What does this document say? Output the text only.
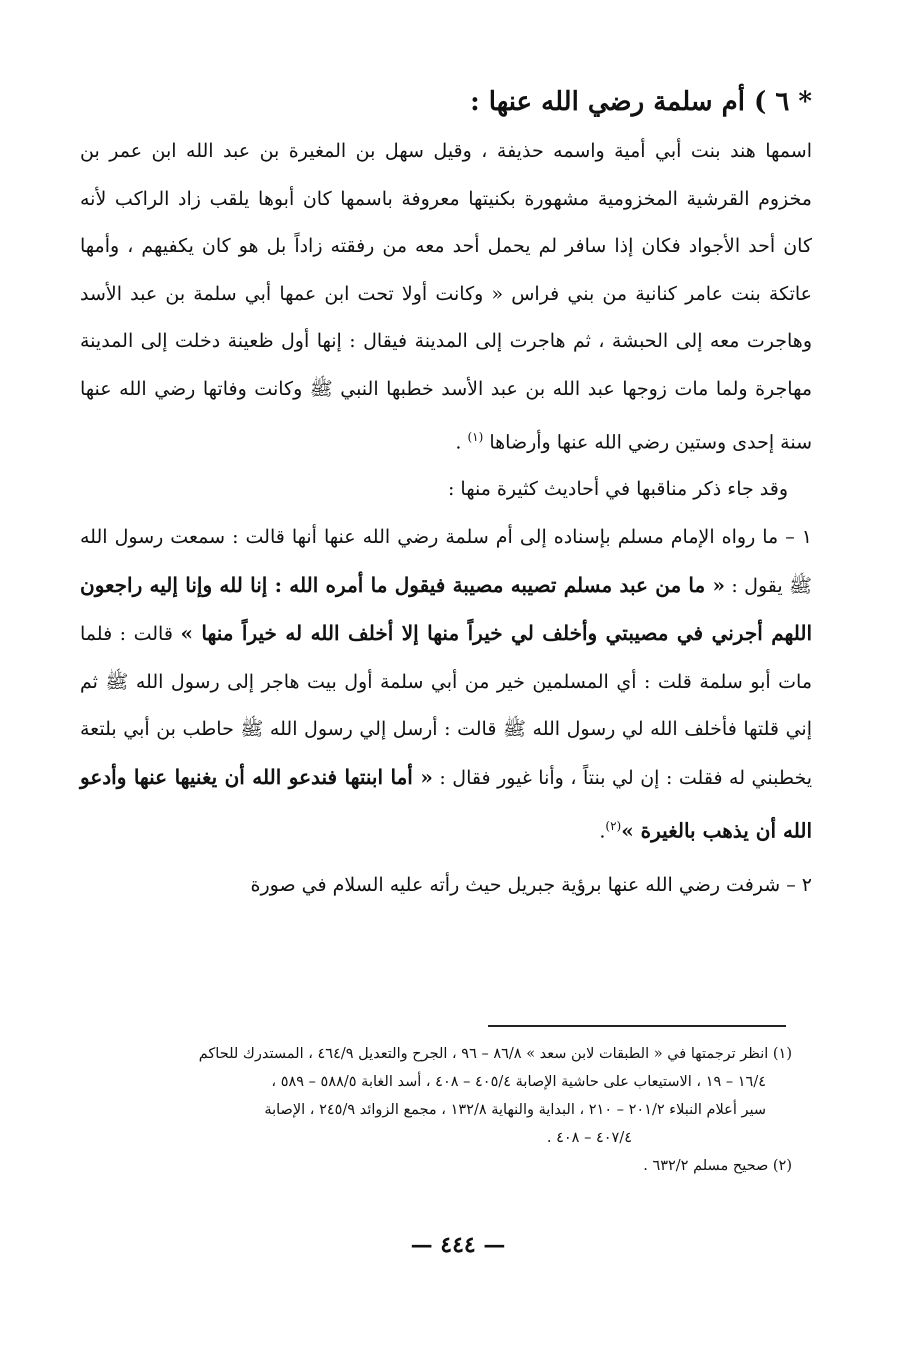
* ٦ ) أم سلمة رضي الله عنها :

اسمها هند بنت أبي أمية واسمه حذيفة ، وقيل سهل بن المغيرة بن عبد الله ابن عمر بن مخزوم القرشية المخزومية مشهورة بكنيتها معروفة باسمها كان أبوها يلقب زاد الراكب لأنه كان أحد الأجواد فكان إذا سافر لم يحمل أحد معه من رفقته زاداً بل هو كان يكفيهم ، وأمها عاتكة بنت عامر كنانية من بني فراس « وكانت أولا تحت ابن عمها أبي سلمة بن عبد الأسد وهاجرت معه إلى الحبشة ، ثم هاجرت إلى المدينة فيقال : إنها أول ظعينة دخلت إلى المدينة مهاجرة ولما مات زوجها عبد الله بن عبد الأسد خطبها النبي ﷺ وكانت وفاتها رضي الله عنها سنة إحدى وستين رضي الله عنها وأرضاها $^{(١)}$ .

وقد جاء ذكر مناقبها في أحاديث كثيرة منها :

١ – ما رواه الإمام مسلم بإسناده إلى أم سلمة رضي الله عنها أنها قالت : سمعت رسول الله ﷺ يقول : « ما من عبد مسلم تصيبه مصيبة فيقول ما أمره الله : إنا لله وإنا إليه راجعون اللهم أجرني في مصيبتي وأخلف لي خيراً منها إلا أخلف الله له خيراً منها » قالت : فلما مات أبو سلمة قلت : أي المسلمين خير من أبي سلمة أول بيت هاجر إلى رسول الله ﷺ ثم إني قلتها فأخلف الله لي رسول الله ﷺ قالت : أرسل إلي رسول الله ﷺ حاطب بن أبي بلتعة يخطبني له فقلت : إن لي بنتاً ، وأنا غيور فقال : « أما ابنتها فندعو الله أن يغنيها عنها وأدعو الله أن يذهب بالغيرة »$^{(٢)}$.

٢ – شرفت رضي الله عنها برؤية جبريل حيث رأته عليه السلام في صورة

(١) انظر ترجمتها في « الطبقات لابن سعد » ٨٦/٨ – ٩٦ ، الجرح والتعديل ٤٦٤/٩ ، المستدرك للحاكم

١٦/٤ – ١٩ ، الاستيعاب على حاشية الإصابة ٤٠٥/٤ – ٤٠٨ ، أسد الغابة ٥٨٨/٥ – ٥٨٩ ،

سير أعلام النبلاء ٢٠١/٢ – ٢١٠ ، البداية والنهاية ١٣٢/٨ ، مجمع الزوائد ٢٤٥/٩ ، الإصابة

٤٠٧/٤ – ٤٠٨ .

(٢) صحيح مسلم ٦٣٢/٢ .

— ٤٤٤ —
